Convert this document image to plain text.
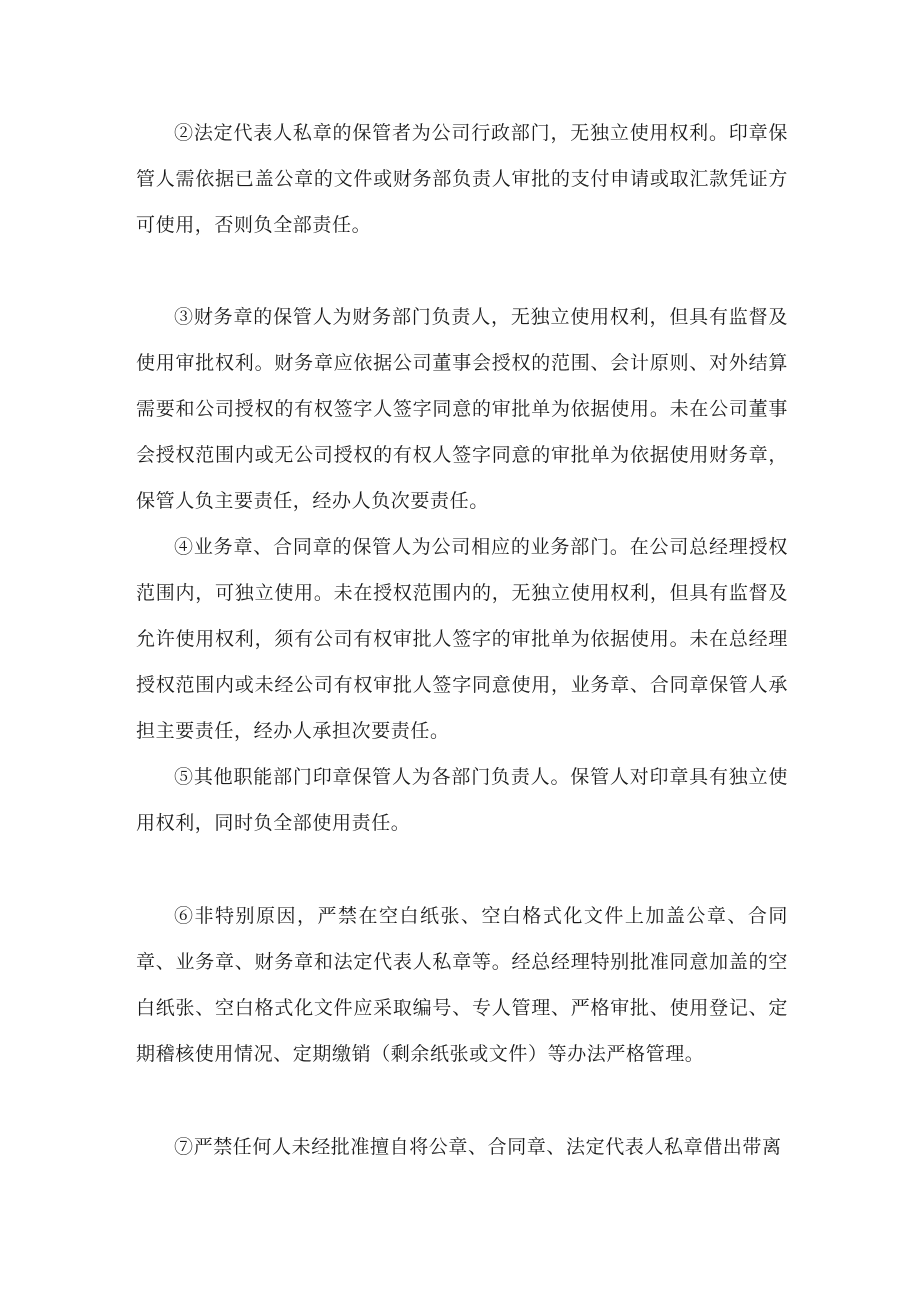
②法定代表人私章的保管者为公司行政部门，无独立使用权利。印章保管人需依据已盖公章的文件或财务部负责人审批的支付申请或取汇款凭证方可使用，否则负全部责任。

③财务章的保管人为财务部门负责人，无独立使用权利，但具有监督及使用审批权利。财务章应依据公司董事会授权的范围、会计原则、对外结算需要和公司授权的有权签字人签字同意的审批单为依据使用。未在公司董事会授权范围内或无公司授权的有权人签字同意的审批单为依据使用财务章，保管人负主要责任，经办人负次要责任。

④业务章、合同章的保管人为公司相应的业务部门。在公司总经理授权范围内，可独立使用。未在授权范围内的，无独立使用权利，但具有监督及允许使用权利，须有公司有权审批人签字的审批单为依据使用。未在总经理授权范围内或未经公司有权审批人签字同意使用，业务章、合同章保管人承担主要责任，经办人承担次要责任。

⑤其他职能部门印章保管人为各部门负责人。保管人对印章具有独立使用权利，同时负全部使用责任。

⑥非特别原因，严禁在空白纸张、空白格式化文件上加盖公章、合同章、业务章、财务章和法定代表人私章等。经总经理特别批准同意加盖的空白纸张、空白格式化文件应采取编号、专人管理、严格审批、使用登记、定期稽核使用情况、定期缴销（剩余纸张或文件）等办法严格管理。

⑦严禁任何人未经批准擅自将公章、合同章、法定代表人私章借出带离
